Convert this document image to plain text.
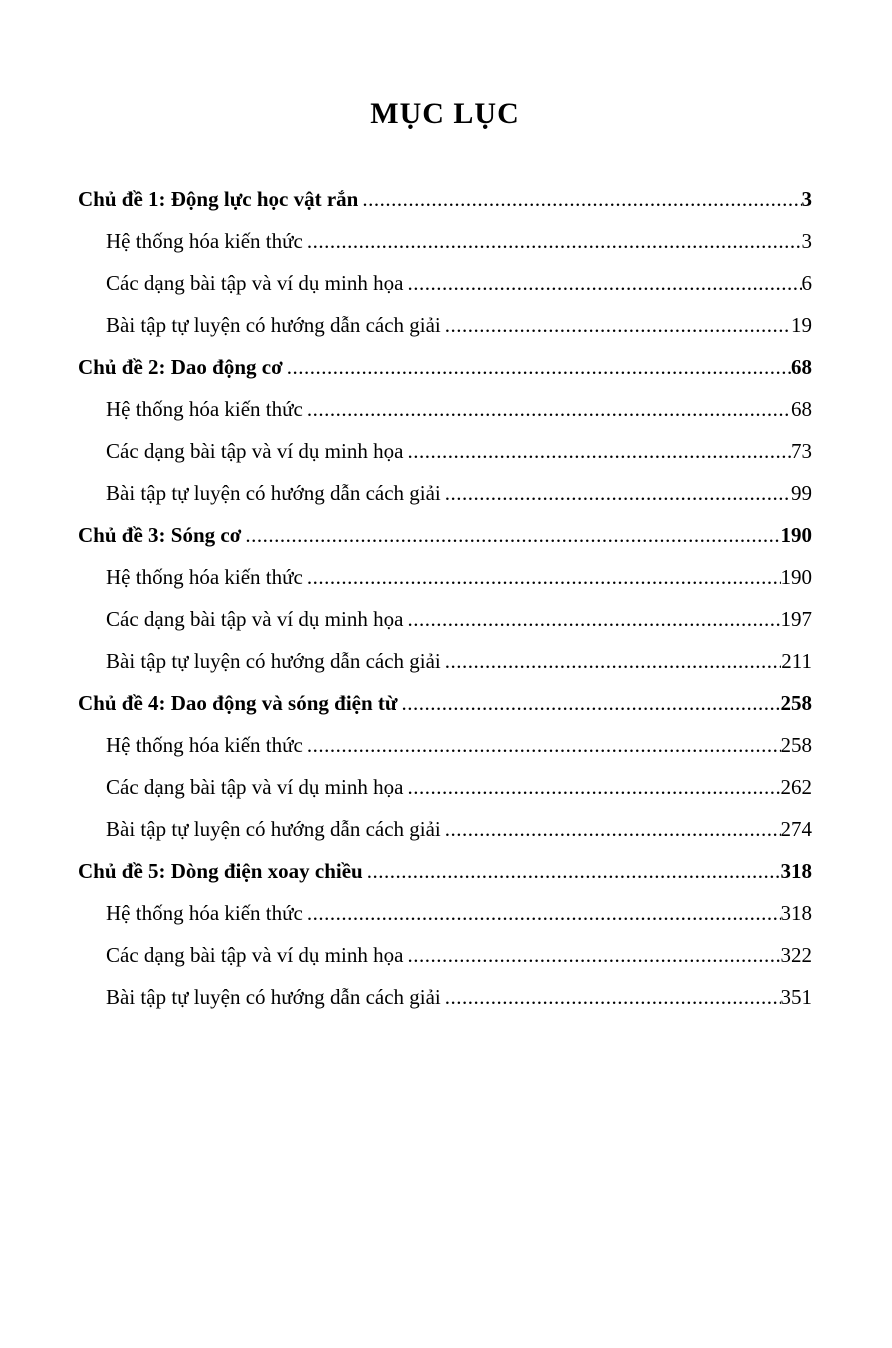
MỤC LỤC
Chủ đề 1: Động lực học vật rắn .....	3
Hệ thống hóa kiến thức .....	3
Các dạng bài tập và ví dụ minh họa .....	6
Bài tập tự luyện có hướng dẫn cách giải .....	19
Chủ đề 2: Dao động cơ .....	68
Hệ thống hóa kiến thức .....	68
Các dạng bài tập và ví dụ minh họa .....	73
Bài tập tự luyện có hướng dẫn cách giải .....	99
Chủ đề 3: Sóng cơ .....	190
Hệ thống hóa kiến thức .....	190
Các dạng bài tập và ví dụ minh họa .....	197
Bài tập tự luyện có hướng dẫn cách giải .....	211
Chủ đề 4: Dao động và sóng điện từ .....	258
Hệ thống hóa kiến thức .....	258
Các dạng bài tập và ví dụ minh họa .....	262
Bài tập tự luyện có hướng dẫn cách giải .....	274
Chủ đề 5: Dòng điện xoay chiều .....	318
Hệ thống hóa kiến thức .....	318
Các dạng bài tập và ví dụ minh họa .....	322
Bài tập tự luyện có hướng dẫn cách giải .....	351
